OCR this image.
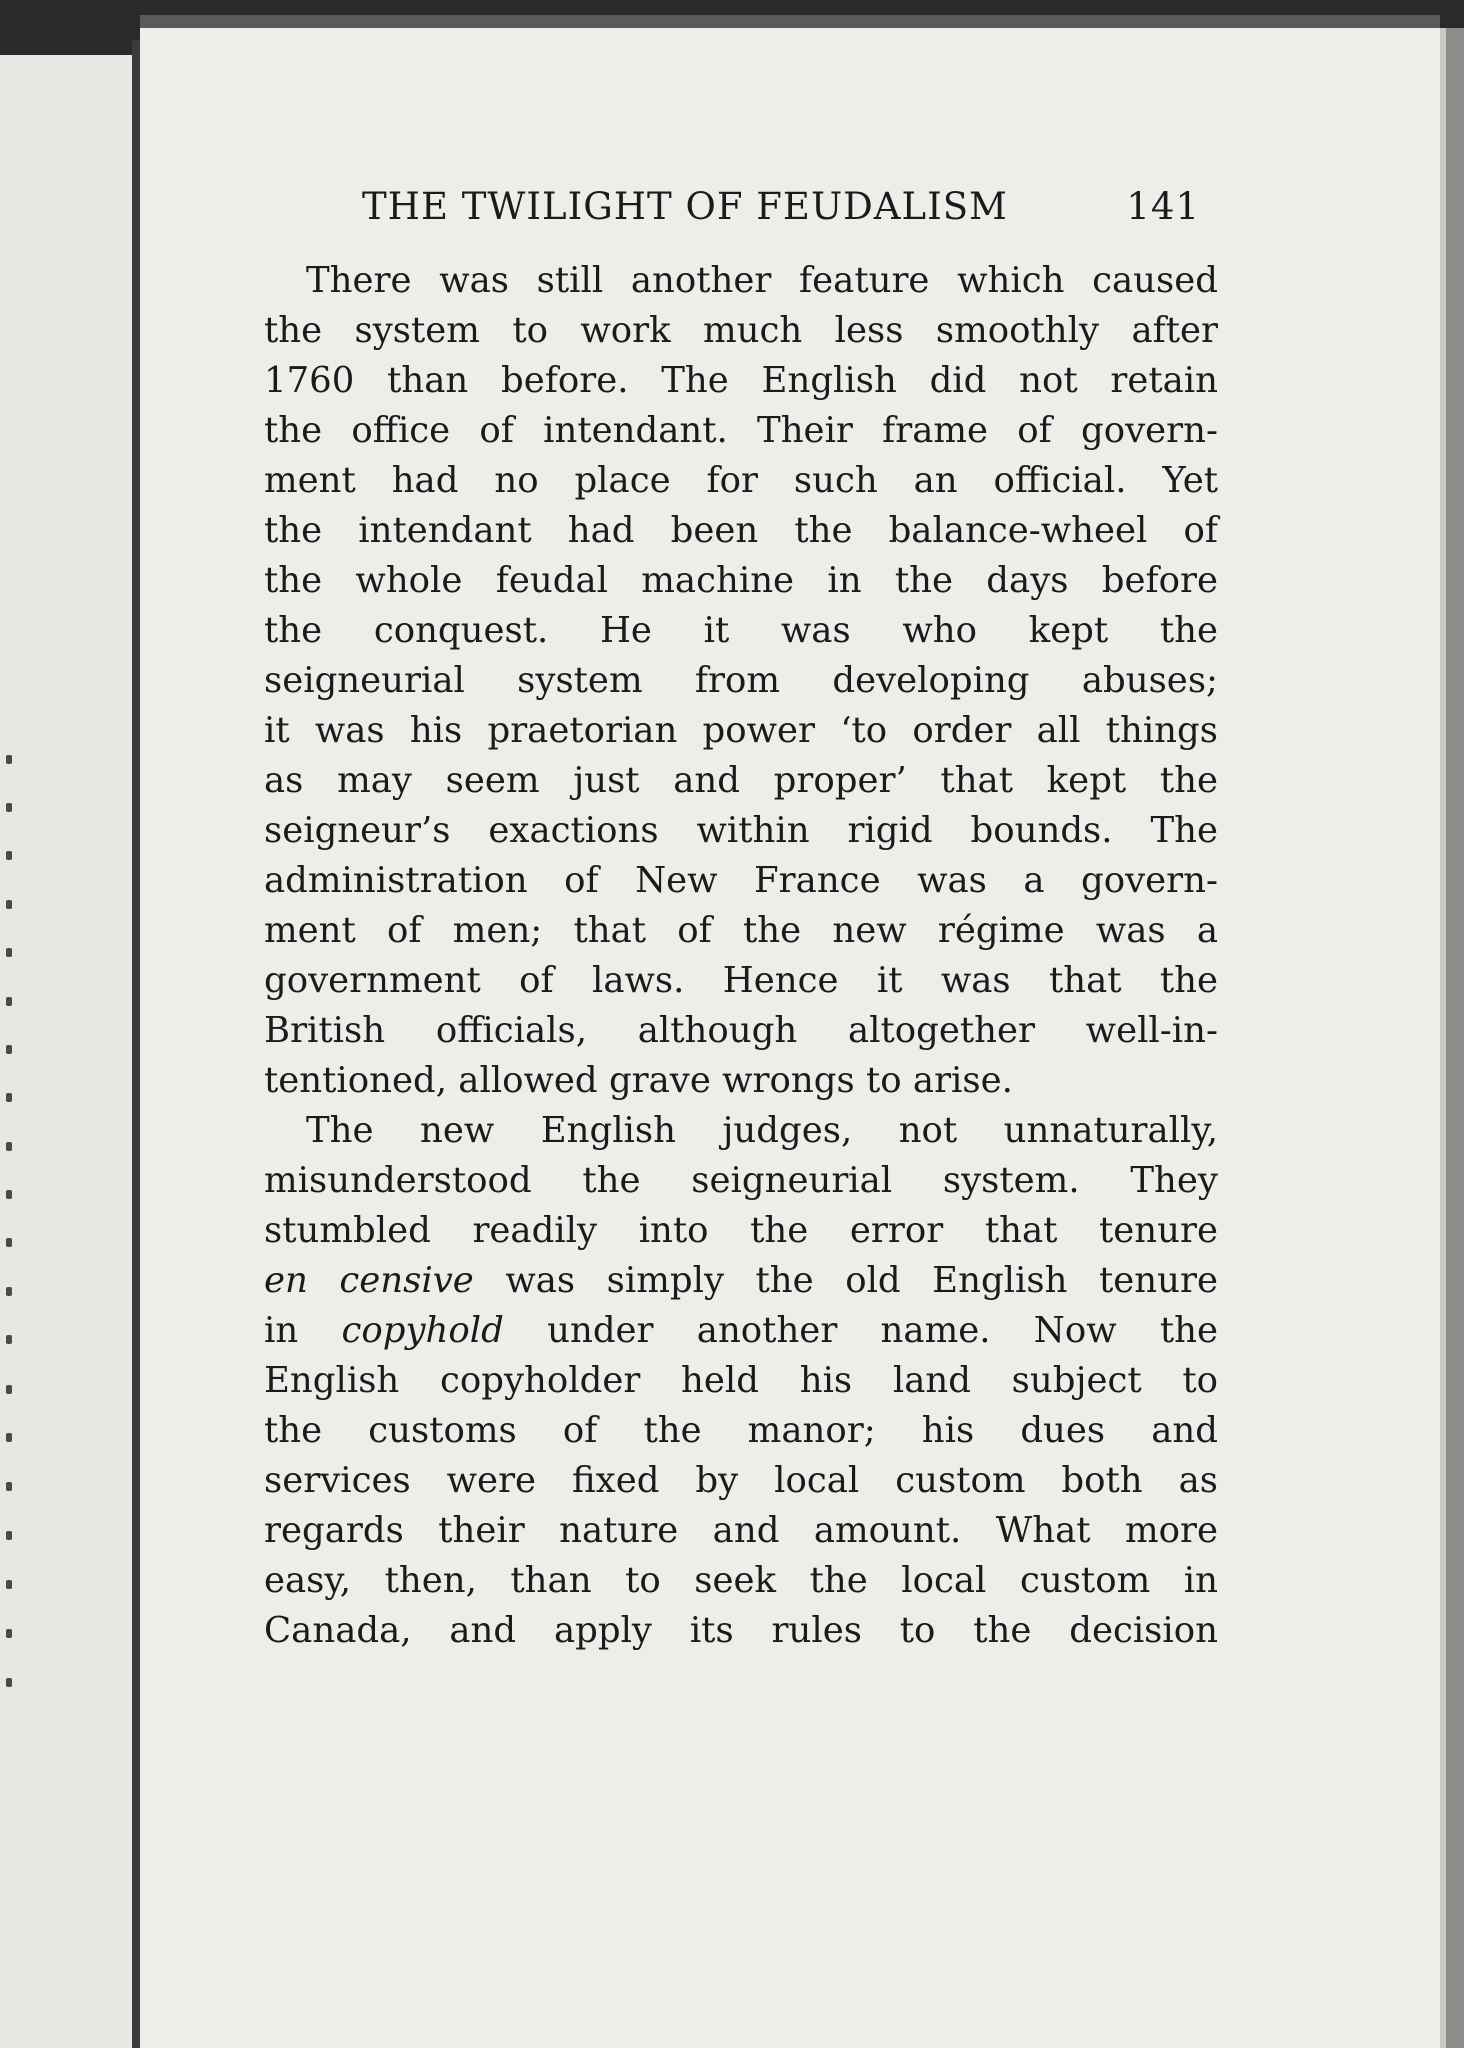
THE TWILIGHT OF FEUDALISM	141
There was still another feature which caused
the system to work much less smoothly after
1760 than before. The English did not retain
the office of intendant. Their frame of govern-
ment had no place for such an official. Yet
the intendant had been the balance-wheel of
the whole feudal machine in the days before
the conquest. He it was who kept the
seigneurial system from developing abuses;
it was his praetorian power ‘to order all things
as may seem just and proper’ that kept the
seigneur’s exactions within rigid bounds. The
administration of New France was a govern-
ment of men; that of the new régime was a
government of laws. Hence it was that the
British officials, although altogether well-in-
tentioned, allowed grave wrongs to arise.
The new English judges, not unnaturally,
misunderstood the seigneurial system. They
stumbled readily into the error that tenure
en censive was simply the old English tenure
in copyhold under another name. Now the
English copyholder held his land subject to
the customs of the manor; his dues and
services were fixed by local custom both as
regards their nature and amount. What more
easy, then, than to seek the local custom in
Canada, and apply its rules to the decision
